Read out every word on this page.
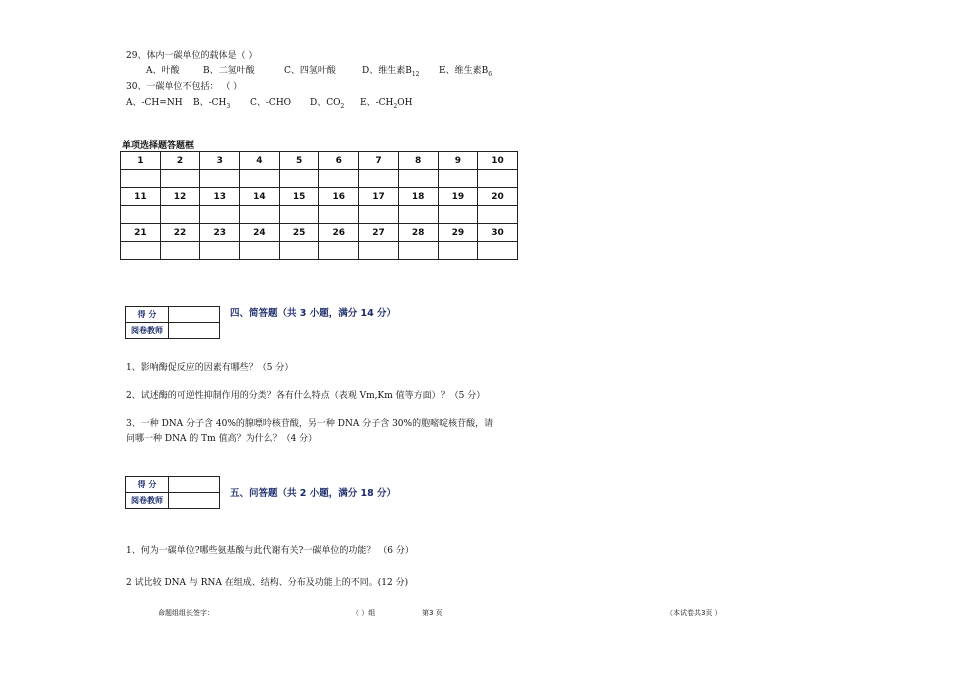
29、体内一碳单位的载体是（ ）
A、叶酸	B、二氢叶酸	C、四氢叶酸	D、维生素$B_{12}$ E、维生素$B_6$
30、一碳单位不包括： （ ）
A、-CH=NH B、$-CH_3$ C、-CHO D、$CO_2$ E、$-CH_2OH$
单项选择题答题框
1	2	3	4	5	6	7	8	9	10

11	12	13	14	15	16	17	18	19	20

21	22	23	24	25	26	27	28	29	30

得 分	
阅卷教师	
四、简答题（共 3 小题，满分 14 分）
1、影响酶促反应的因素有哪些？（5 分）
2、试述酶的可逆性抑制作用的分类？各有什么特点（表观 Vm,Km 值等方面）？（5 分）
3、一种 DNA 分子含 40%的腺嘌呤核苷酸，另一种 DNA 分子含 30%的胞嘧啶核苷酸，请
问哪一种 DNA 的 Tm 值高？为什么？（4 分）
得 分	
阅卷教师	
五、问答题（共 2 小题，满分 18 分）
1、何为一碳单位?哪些氨基酸与此代谢有关?一碳单位的功能？ （6 分）
2 试比较 DNA 与 RNA 在组成、结构、分布及功能上的不同。(12 分)
命题组组长签字：	（ ）组	第3 页	（本试卷共3页 ）
